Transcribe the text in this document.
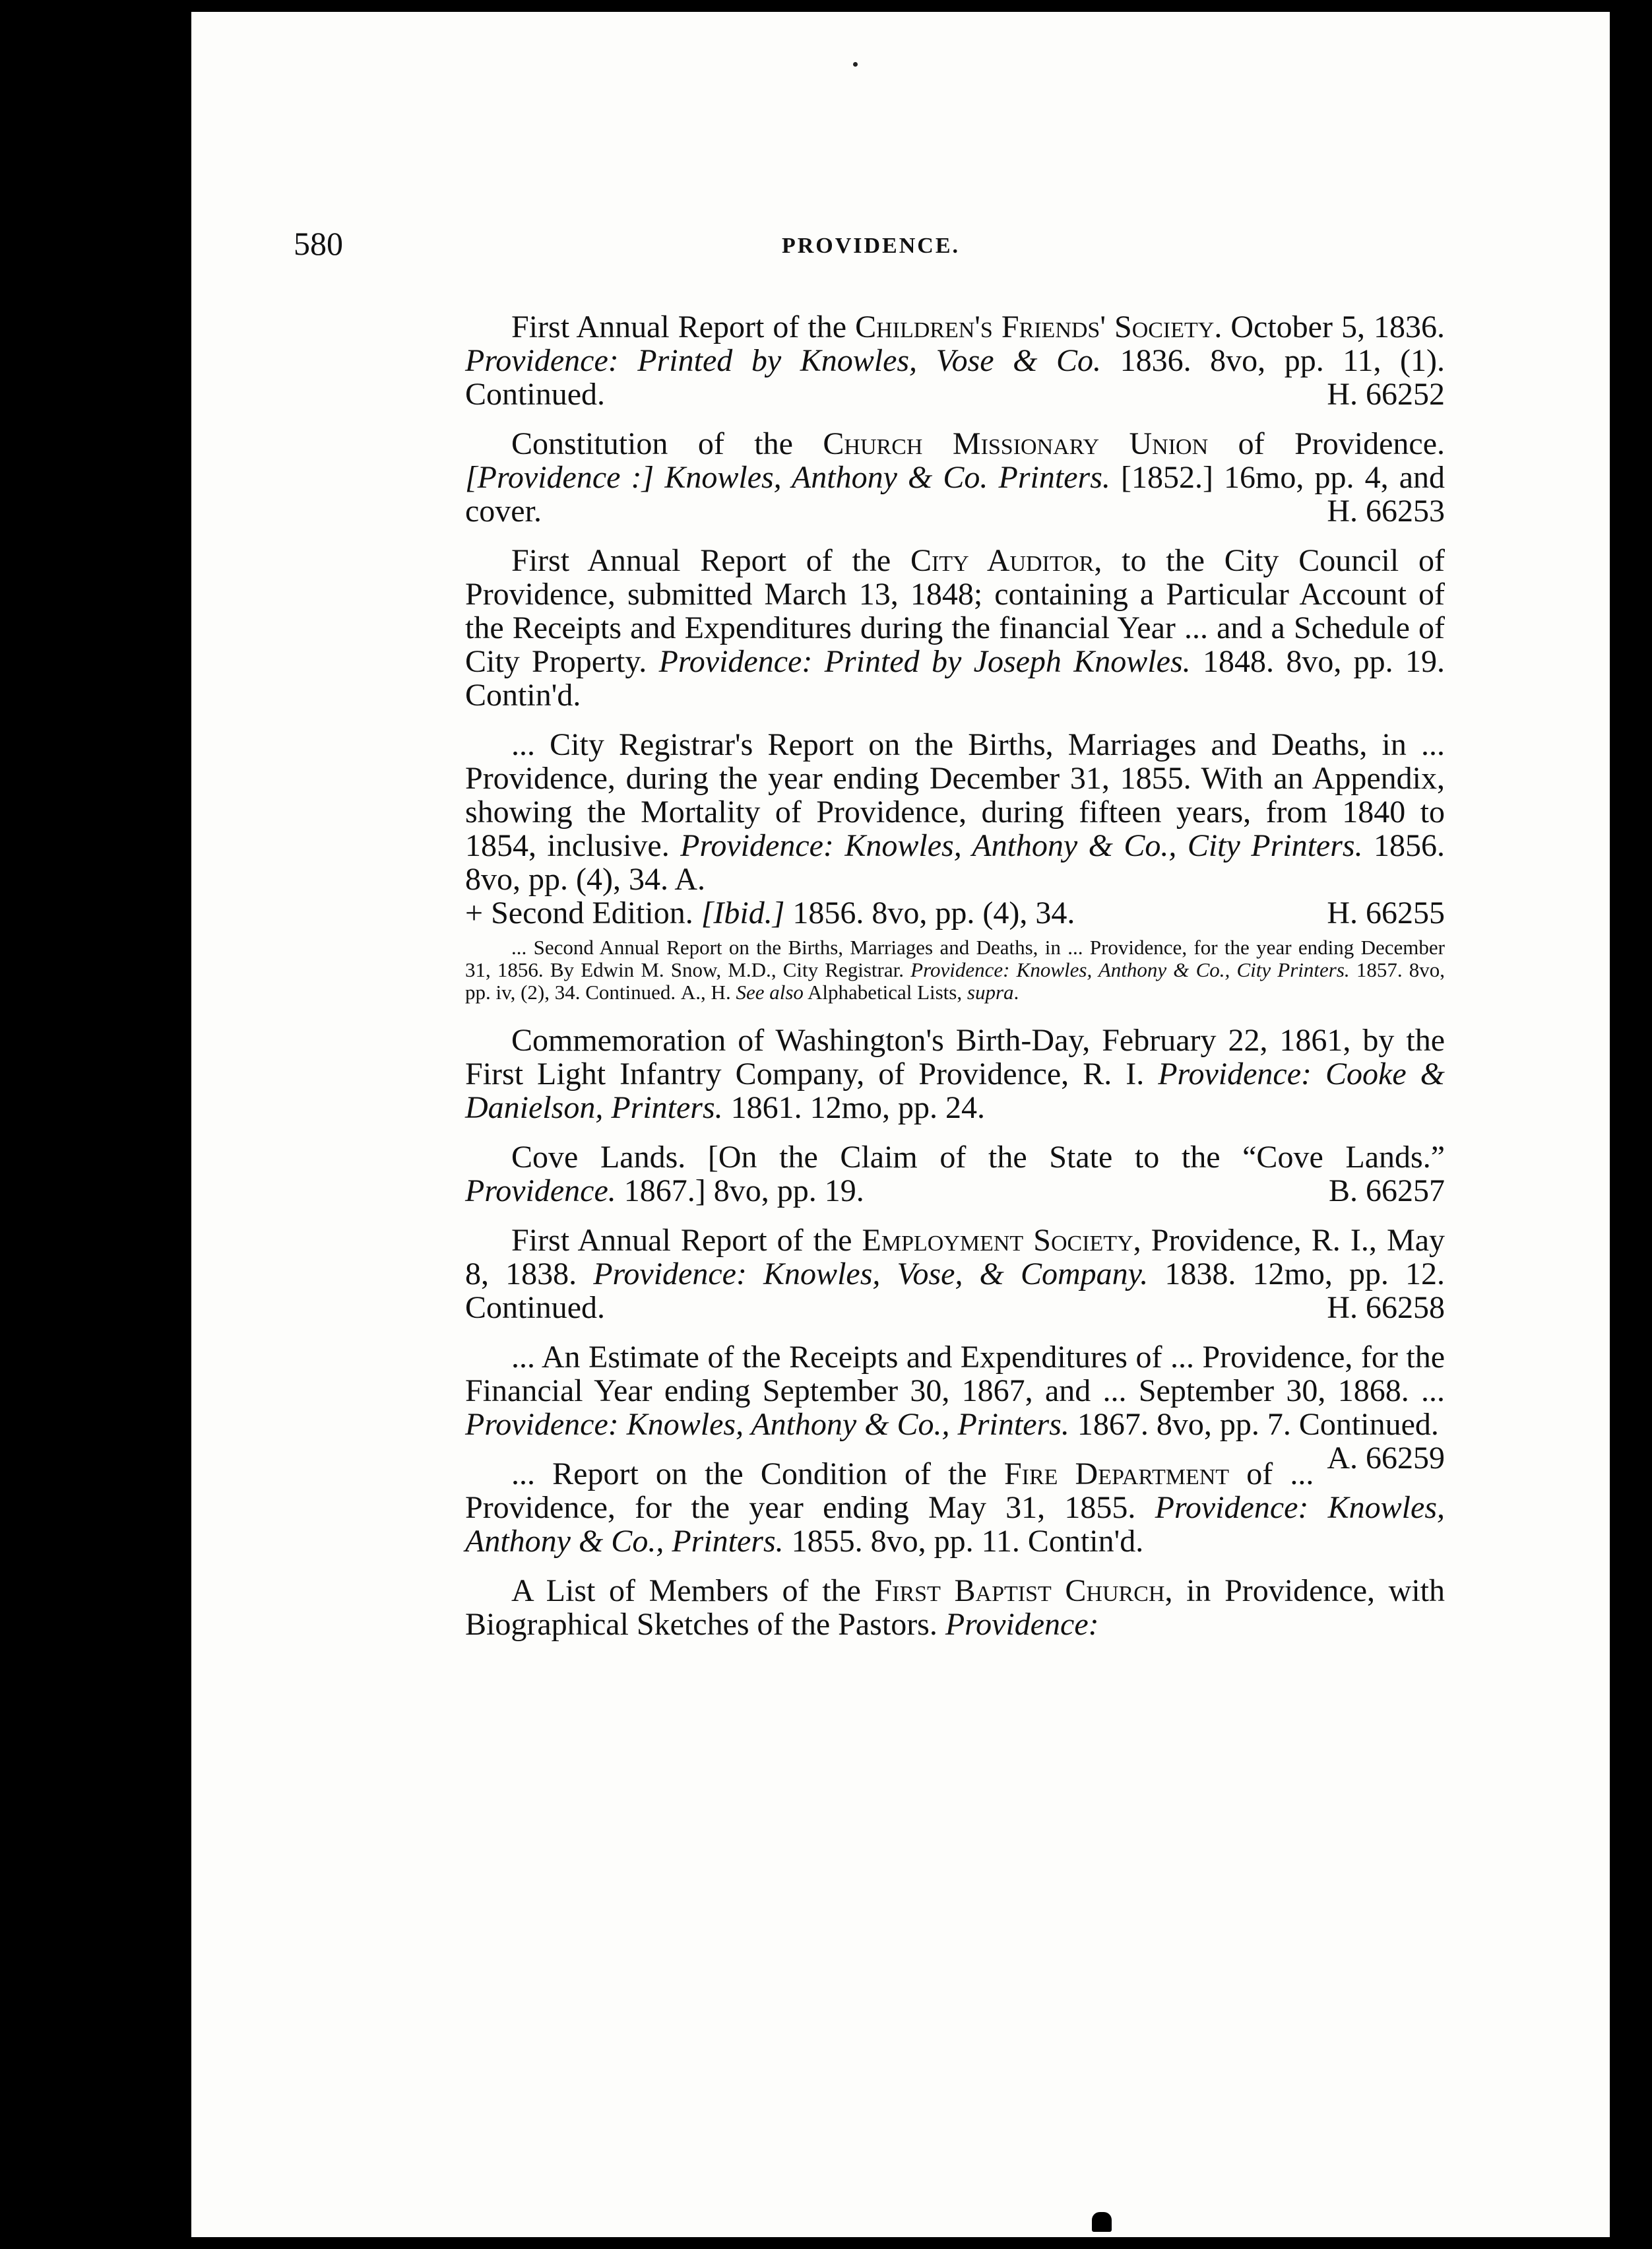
580	PROVIDENCE.

First Annual Report of the Children's Friends' Society. October 5, 1836. Providence: Printed by Knowles, Vose & Co. 1836. 8vo, pp. 11, (1). Continued.	H. 66252

Constitution of the Church Missionary Union of Providence. [Providence :] Knowles, Anthony & Co. Printers. [1852.] 16mo, pp. 4, and cover.	H. 66253

First Annual Report of the City Auditor, to the City Council of Providence, submitted March 13, 1848; containing a Particular Account of the Receipts and Expenditures during the financial Year ... and a Schedule of City Property. Providence: Printed by Joseph Knowles. 1848. 8vo, pp. 19. Contin'd.

... City Registrar's Report on the Births, Marriages and Deaths, in ... Providence, during the year ending December 31, 1855. With an Appendix, showing the Mortality of Providence, during fifteen years, from 1840 to 1854, inclusive. Providence: Knowles, Anthony & Co., City Printers. 1856. 8vo, pp. (4), 34. A.
+ Second Edition. [Ibid.] 1856. 8vo, pp. (4), 34.	H. 66255

... Second Annual Report on the Births, Marriages and Deaths, in ... Providence, for the year ending December 31, 1856. By Edwin M. Snow, M.D., City Registrar. Providence: Knowles, Anthony & Co., City Printers. 1857. 8vo, pp. iv, (2), 34. Continued. A., H. See also Alphabetical Lists, supra.

Commemoration of Washington's Birth-Day, February 22, 1861, by the First Light Infantry Company, of Providence, R. I. Providence: Cooke & Danielson, Printers. 1861. 12mo, pp. 24.

Cove Lands. [On the Claim of the State to the “Cove Lands.” Providence. 1867.] 8vo, pp. 19.	B. 66257

First Annual Report of the Employment Society, Providence, R. I., May 8, 1838. Providence: Knowles, Vose, & Company. 1838. 12mo, pp. 12. Continued.	H. 66258

... An Estimate of the Receipts and Expenditures of ... Providence, for the Financial Year ending September 30, 1867, and ... September 30, 1868. ... Providence: Knowles, Anthony & Co., Printers. 1867. 8vo, pp. 7. Continued.
A. 66259

... Report on the Condition of the Fire Department of ... Providence, for the year ending May 31, 1855. Providence: Knowles, Anthony & Co., Printers. 1855. 8vo, pp. 11. Contin'd.

A List of Members of the First Baptist Church, in Providence, with Biographical Sketches of the Pastors. Providence:
